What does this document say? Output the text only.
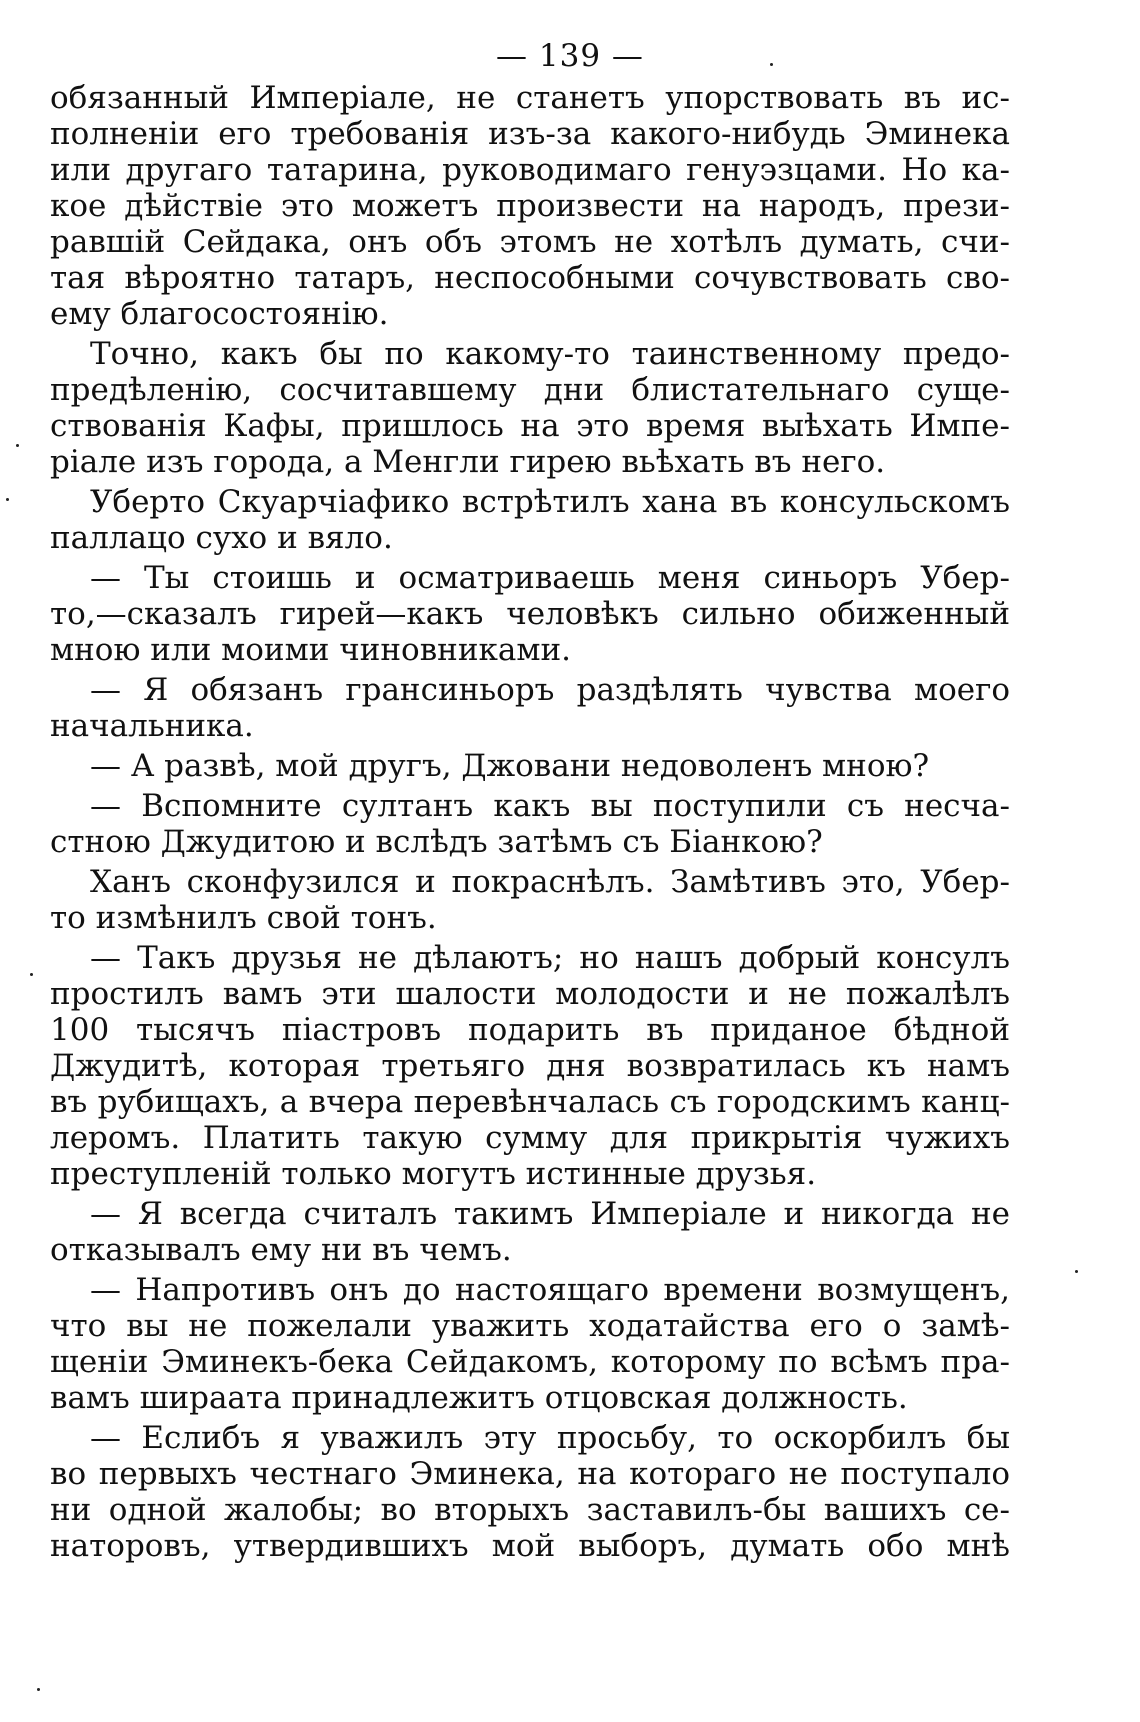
— 139 —
обязанный Имперiале, не станетъ упорствовать въ ис-
полненiи его требованiя изъ-за какого-нибудь Эминека
или другаго татарина, руководимаго генуэзцами. Но ка-
кое дѣйствiе это можетъ произвести на народъ, прези-
равшiй Сейдака, онъ объ этомъ не хотѣлъ думать, счи-
тая вѣроятно татаръ, неспособными сочувствовать сво-
ему благосостоянiю.
Точно, какъ бы по какому-то таинственному предо-
предѣленiю, сосчитавшему дни блистательнаго суще-
ствованiя Кафы, пришлось на это время выѣхать Импе-
рiале изъ города, а Менгли гирею вьѣхать въ него.
Уберто Скуарчiафико встрѣтилъ хана въ консульскомъ
паллацо сухо и вяло.
— Ты стоишь и осматриваешь меня синьоръ Убер-
то,—сказалъ гирей—какъ человѣкъ сильно обиженный
мною или моими чиновниками.
— Я обязанъ грансиньоръ раздѣлять чувства моего
начальника.
— А развѣ, мой другъ, Джовани недоволенъ мною?
— Вспомните султанъ какъ вы поступили съ несча-
стною Джудитою и вслѣдъ затѣмъ съ Бiанкою?
Ханъ сконфузился и покраснѣлъ. Замѣтивъ это, Убер-
то измѣнилъ свой тонъ.
— Такъ друзья не дѣлаютъ; но нашъ добрый консулъ
простилъ вамъ эти шалости молодости и не пожалѣлъ
100 тысячъ пiастровъ подарить въ приданое бѣдной
Джудитѣ, которая третьяго дня возвратилась къ намъ
въ рубищахъ, а вчера перевѣнчалась съ городскимъ канц-
леромъ. Платить такую сумму для прикрытiя чужихъ
преступленiй только могутъ истинные друзья.
— Я всегда считалъ такимъ Имперiале и никогда не
отказывалъ ему ни въ чемъ.
— Напротивъ онъ до настоящаго времени возмущенъ,
что вы не пожелали уважить ходатайства его о замѣ-
щенiи Эминекъ-бека Сейдакомъ, которому по всѣмъ пра-
вамъ шираата принадлежитъ отцовская должность.
— Еслибъ я уважилъ эту просьбу, то оскорбилъ бы
во первыхъ честнаго Эминека, на котораго не поступало
ни одной жалобы; во вторыхъ заставилъ-бы вашихъ се-
наторовъ, утвердившихъ мой выборъ, думать обо мнѣ
